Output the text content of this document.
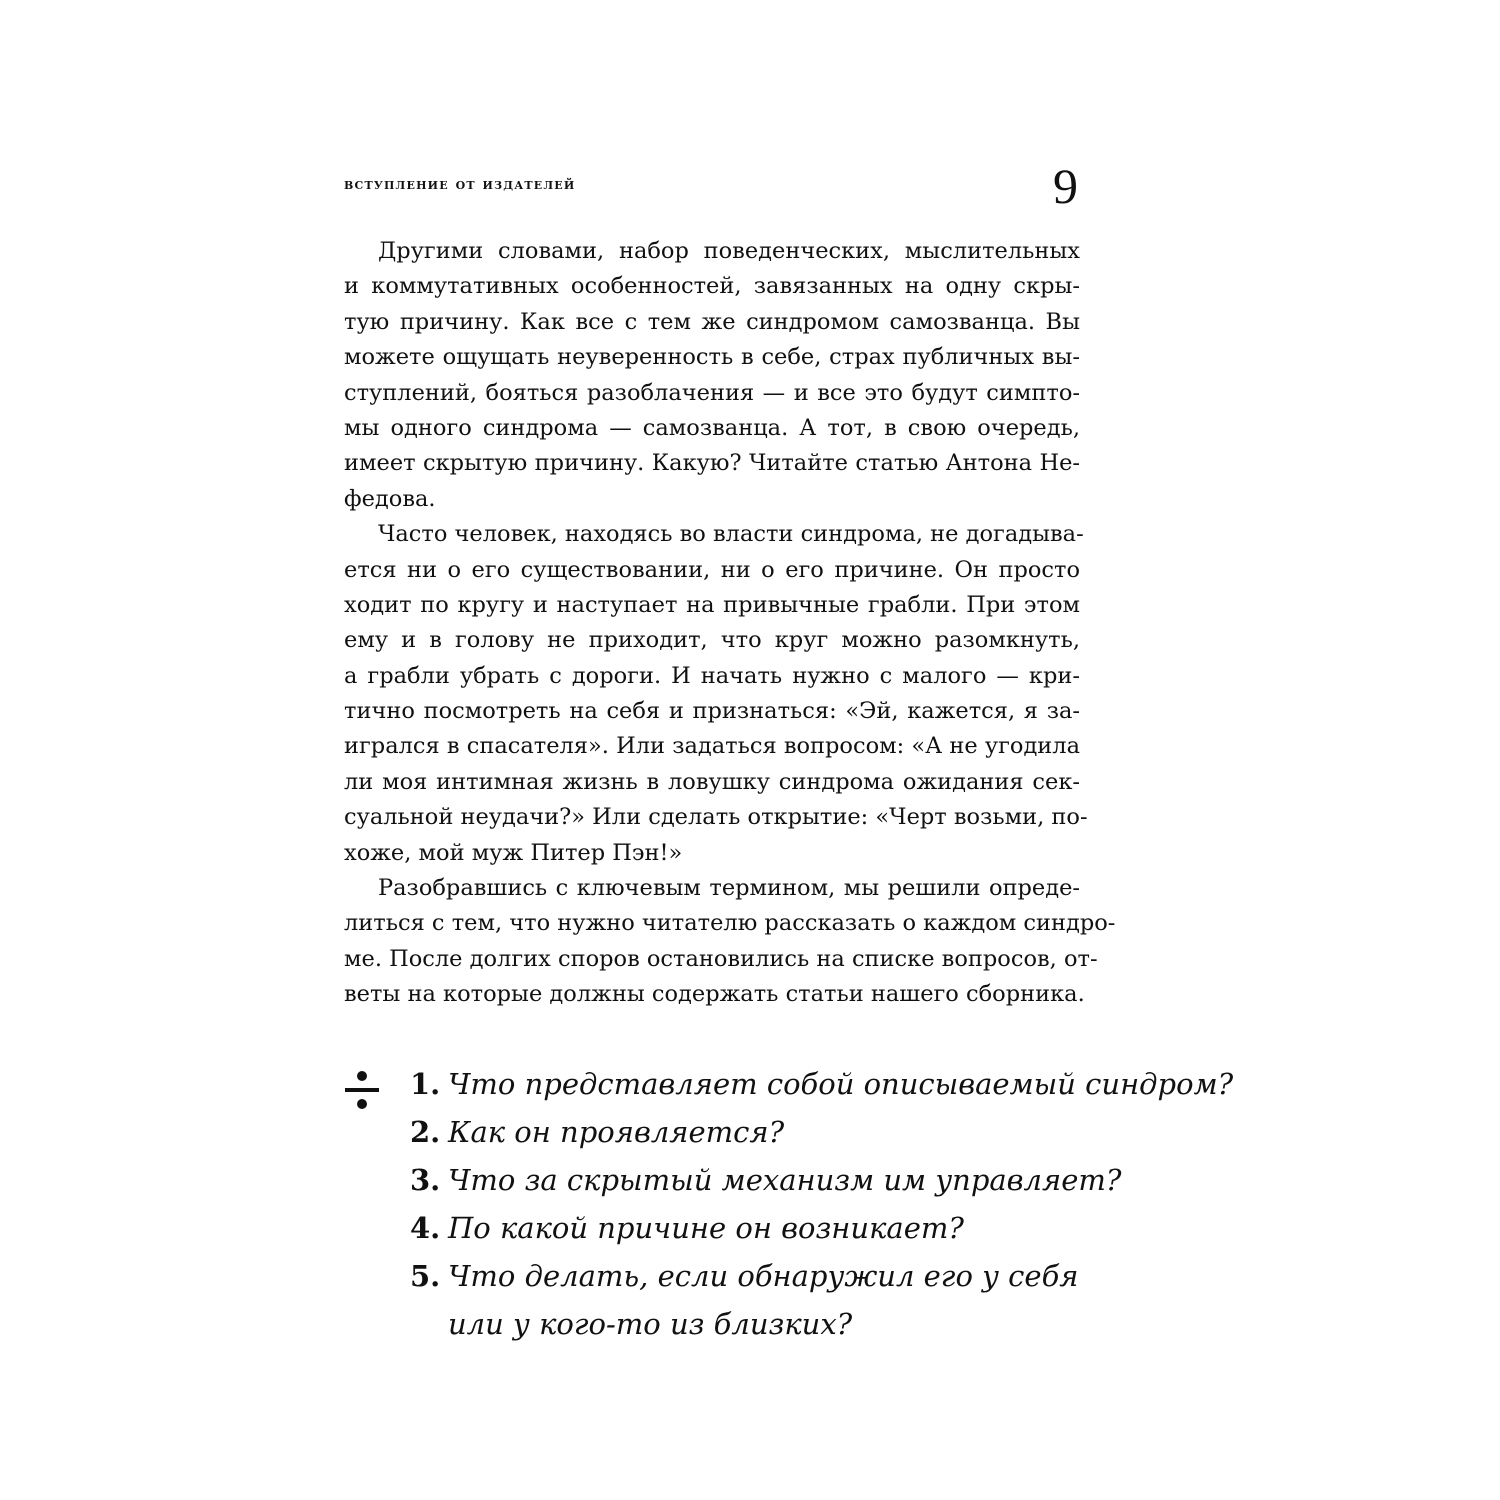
вступление от издателей	9
Другими словами, набор поведенческих, мыслительных
и коммутативных особенностей, завязанных на одну скры-
тую причину. Как все с тем же синдромом самозванца. Вы
можете ощущать неуверенность в себе, страх публичных вы-
ступлений, бояться разоблачения — и все это будут симпто-
мы одного синдрома — самозванца. А тот, в свою очередь,
имеет скрытую причину. Какую? Читайте статью Антона Не-
федова.
Часто человек, находясь во власти синдрома, не догадыва-
ется ни о его существовании, ни о его причине. Он просто
ходит по кругу и наступает на привычные грабли. При этом
ему и в голову не приходит, что круг можно разомкнуть,
а грабли убрать с дороги. И начать нужно с малого — кри-
тично посмотреть на себя и признаться: «Эй, кажется, я за-
игрался в спасателя». Или задаться вопросом: «А не угодила
ли моя интимная жизнь в ловушку синдрома ожидания сек-
суальной неудачи?» Или сделать открытие: «Черт возьми, по-
хоже, мой муж Питер Пэн!»
Разобравшись с ключевым термином, мы решили опреде-
литься с тем, что нужно читателю рассказать о каждом синдро-
ме. После долгих споров остановились на списке вопросов, от-
веты на которые должны содержать статьи нашего сборника.
1. Что представляет собой описываемый синдром?
2. Как он проявляется?
3. Что за скрытый механизм им управляет?
4. По какой причине он возникает?
5. Что делать, если обнаружил его у себя
или у кого-то из близких?
